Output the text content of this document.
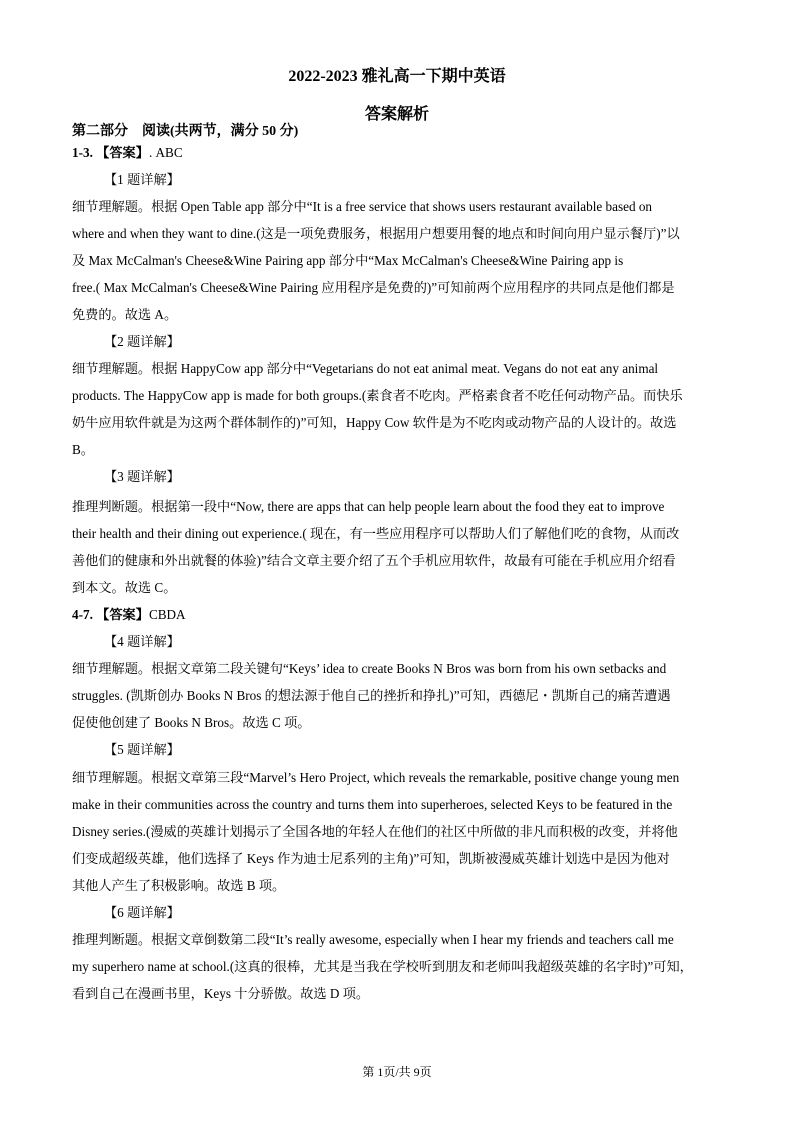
2022-2023 雅礼高一下期中英语
答案解析
第二部分　阅读(共两节，满分 50 分)
1-3. 【答案】. ABC
【1 题详解】
细节理解题。根据 Open Table app 部分中“It is a free service that shows users restaurant available based on
where and when they want to dine.(这是一项免费服务，根据用户想要用餐的地点和时间向用户显示餐厅)”以
及 Max McCalman's Cheese&Wine Pairing app 部分中“Max McCalman's Cheese&Wine Pairing app is
free.( Max McCalman's Cheese&Wine Pairing 应用程序是免费的)”可知前两个应用程序的共同点是他们都是
免费的。故选 A。
【2 题详解】
细节理解题。根据 HappyCow app 部分中“Vegetarians do not eat animal meat. Vegans do not eat any animal
products. The HappyCow app is made for both groups.(素食者不吃肉。严格素食者不吃任何动物产品。而快乐
奶牛应用软件就是为这两个群体制作的)”可知，Happy Cow 软件是为不吃肉或动物产品的人设计的。故选
B。
【3 题详解】
推理判断题。根据第一段中“Now, there are apps that can help people learn about the food they eat to improve
their health and their dining out experience.( 现在，有一些应用程序可以帮助人们了解他们吃的食物，从而改
善他们的健康和外出就餐的体验)”结合文章主要介绍了五个手机应用软件，故最有可能在手机应用介绍看
到本文。故选 C。
4-7. 【答案】CBDA
【4 题详解】
细节理解题。根据文章第二段关键句“Keys’ idea to create Books N Bros was born from his own setbacks and
struggles. (凯斯创办 Books N Bros 的想法源于他自己的挫折和挣扎)”可知，西德尼・凯斯自己的痛苦遭遇
促使他创建了 Books N Bros。故选 C 项。
【5 题详解】
细节理解题。根据文章第三段“Marvel’s Hero Project, which reveals the remarkable, positive change young men
make in their communities across the country and turns them into superheroes, selected Keys to be featured in the
Disney series.(漫威的英雄计划揭示了全国各地的年轻人在他们的社区中所做的非凡而积极的改变，并将他
们变成超级英雄，他们选择了 Keys 作为迪士尼系列的主角)”可知，凯斯被漫威英雄计划选中是因为他对
其他人产生了积极影响。故选 B 项。
【6 题详解】
推理判断题。根据文章倒数第二段“It’s really awesome, especially when I hear my friends and teachers call me
my superhero name at school.(这真的很棒，尤其是当我在学校听到朋友和老师叫我超级英雄的名字时)”可知，
看到自己在漫画书里，Keys 十分骄傲。故选 D 项。
第 1页/共 9页
